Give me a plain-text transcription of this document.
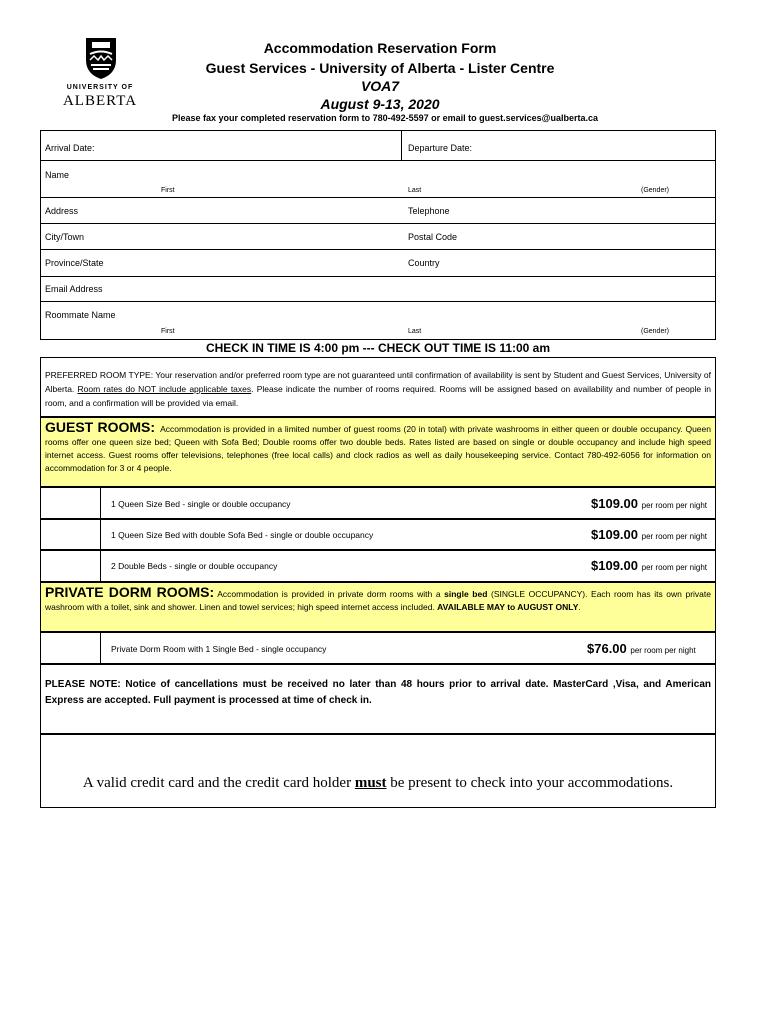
UNIVERSITY OF
ALBERTA
Accommodation Reservation Form
Guest Services - University of Alberta - Lister Centre
VOA7
August 9-13, 2020
Please fax your completed reservation form to 780-492-5597 or email to guest.services@ualberta.ca
Arrival Date:	Departure Date:
Name
First	Last	(Gender)
Address	Telephone
City/Town	Postal Code
Province/State	Country
Email Address
Roommate Name
First	Last	(Gender)
CHECK IN TIME IS 4:00 pm --- CHECK OUT TIME IS 11:00 am
PREFERRED ROOM TYPE: Your reservation and/or preferred room type are not guaranteed until confirmation of availability is sent by Student and Guest Services, University of Alberta. Room rates do NOT include applicable taxes. Please indicate the number of rooms required. Rooms will be assigned based on availability and number of people in room, and a confirmation will be provided via email.
GUEST ROOMS: Accommodation is provided in a limited number of guest rooms (20 in total) with private washrooms in either queen or double occupancy. Queen rooms offer one queen size bed; Queen with Sofa Bed; Double rooms offer two double beds. Rates listed are based on single or double occupancy and include high speed internet access. Guest rooms offer televisions, telephones (free local calls) and clock radios as well as daily housekeeping service. Contact 780-492-6056 for information on accommodation for 3 or 4 people.
1 Queen Size Bed - single or double occupancy	$109.00 per room per night
1 Queen Size Bed with double Sofa Bed - single or double occupancy	$109.00 per room per night
2 Double Beds - single or double occupancy	$109.00 per room per night
PRIVATE DORM ROOMS: Accommodation is provided in private dorm rooms with a single bed (SINGLE OCCUPANCY). Each room has its own private washroom with a toilet, sink and shower. Linen and towel services; high speed internet access included. AVAILABLE MAY to AUGUST ONLY.
Private Dorm Room with 1 Single Bed - single occupancy	$76.00 per room per night
PLEASE NOTE: Notice of cancellations must be received no later than 48 hours prior to arrival date. MasterCard ,Visa, and American Express are accepted. Full payment is processed at time of check in.
A valid credit card and the credit card holder must be present to check into your accommodations.
